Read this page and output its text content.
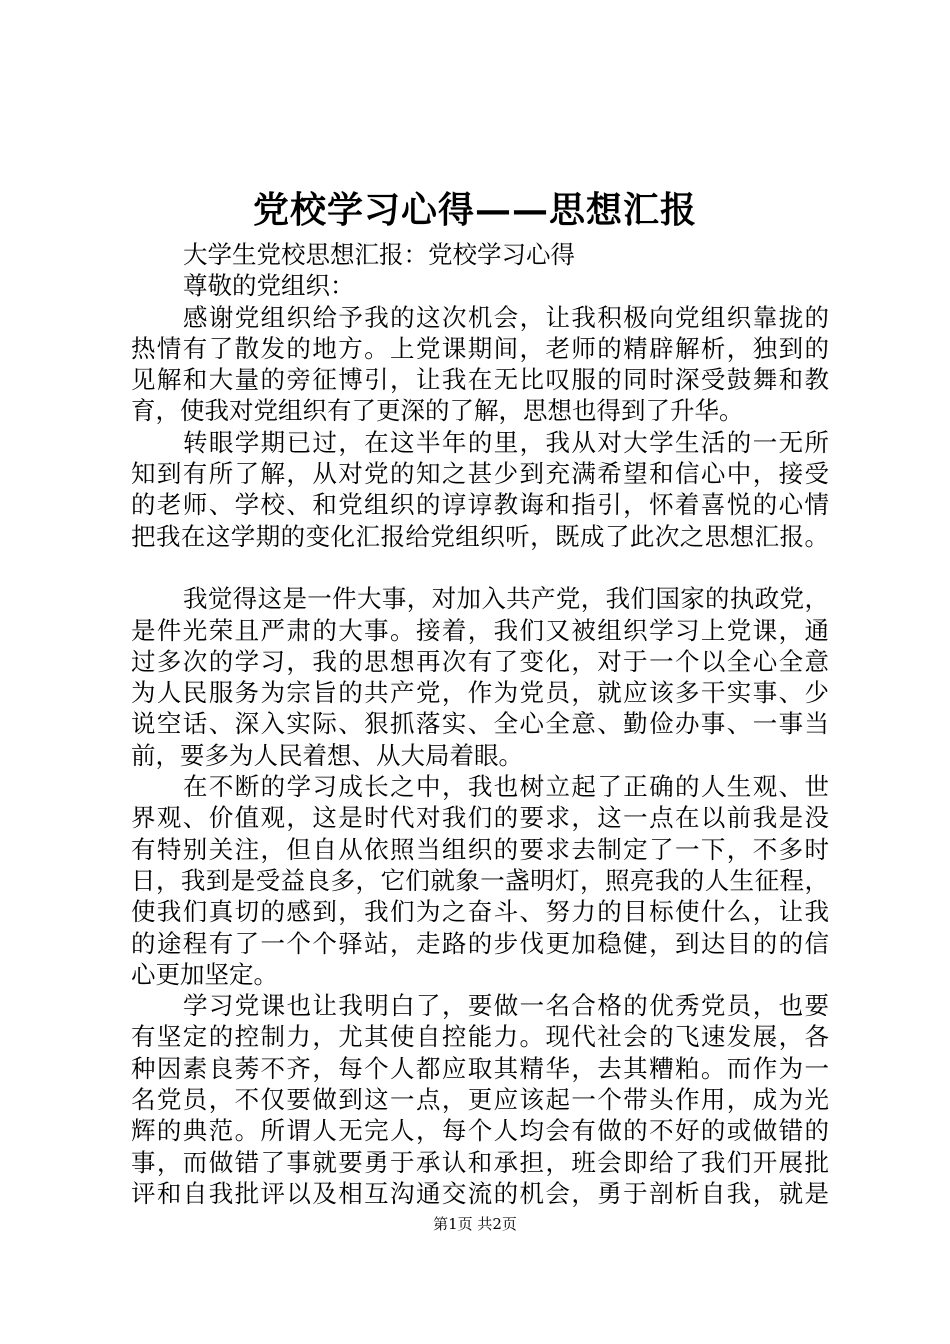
党校学习心得——思想汇报

大学生党校思想汇报：党校学习心得

尊敬的党组织：

感谢党组织给予我的这次机会，让我积极向党组织靠拢的

热情有了散发的地方。上党课期间，老师的精辟解析，独到的

见解和大量的旁征博引，让我在无比叹服的同时深受鼓舞和教

育，使我对党组织有了更深的了解，思想也得到了升华。

转眼学期已过，在这半年的里，我从对大学生活的一无所

知到有所了解，从对党的知之甚少到充满希望和信心中，接受

的老师、学校、和党组织的谆谆教诲和指引，怀着喜悦的心情

把我在这学期的变化汇报给党组织听，既成了此次之思想汇报。

我觉得这是一件大事，对加入共产党，我们国家的执政党，

是件光荣且严肃的大事。接着，我们又被组织学习上党课，通

过多次的学习，我的思想再次有了变化，对于一个以全心全意

为人民服务为宗旨的共产党，作为党员，就应该多干实事、少

说空话、深入实际、狠抓落实、全心全意、勤俭办事、一事当

前，要多为人民着想、从大局着眼。

在不断的学习成长之中，我也树立起了正确的人生观、世

界观、价值观，这是时代对我们的要求，这一点在以前我是没

有特别关注，但自从依照当组织的要求去制定了一下，不多时

日，我到是受益良多，它们就象一盏明灯，照亮我的人生征程，

使我们真切的感到，我们为之奋斗、努力的目标使什么，让我

的途程有了一个个驿站，走路的步伐更加稳健，到达目的的信

心更加坚定。

学习党课也让我明白了，要做一名合格的优秀党员，也要

有坚定的控制力，尤其使自控能力。现代社会的飞速发展，各

种因素良莠不齐，每个人都应取其精华，去其糟粕。而作为一

名党员，不仅要做到这一点，更应该起一个带头作用，成为光

辉的典范。所谓人无完人，每个人均会有做的不好的或做错的

事，而做错了事就要勇于承认和承担，班会即给了我们开展批

评和自我批评以及相互沟通交流的机会，勇于剖析自我，就是

第1页 共2页
